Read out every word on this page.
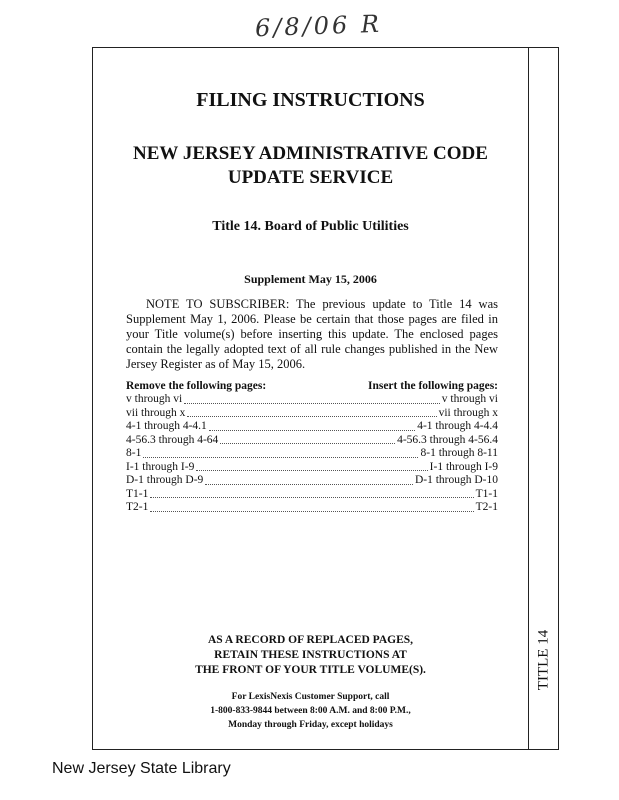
6/8/06 R
TITLE 14
FILING INSTRUCTIONS
NEW JERSEY ADMINISTRATIVE CODE
UPDATE SERVICE
Title 14. Board of Public Utilities
Supplement May 15, 2006
NOTE TO SUBSCRIBER: The previous update to Title 14 was Supplement May 1, 2006. Please be certain that those pages are filed in your Title volume(s) before inserting this update. The enclosed pages contain the legally adopted text of all rule changes published in the New Jersey Register as of May 15, 2006.
Remove the following pages:	Insert the following pages:
v through vi	v through vi
vii through x	vii through x
4-1 through 4-4.1	4-1 through 4-4.4
4-56.3 through 4-64	4-56.3 through 4-56.4
8-1	8-1 through 8-11
I-1 through I-9	I-1 through I-9
D-1 through D-9	D-1 through D-10
T1-1	T1-1
T2-1	T2-1
AS A RECORD OF REPLACED PAGES,
RETAIN THESE INSTRUCTIONS AT
THE FRONT OF YOUR TITLE VOLUME(S).
For LexisNexis Customer Support, call
1-800-833-9844 between 8:00 A.M. and 8:00 P.M.,
Monday through Friday, except holidays
New Jersey State Library
